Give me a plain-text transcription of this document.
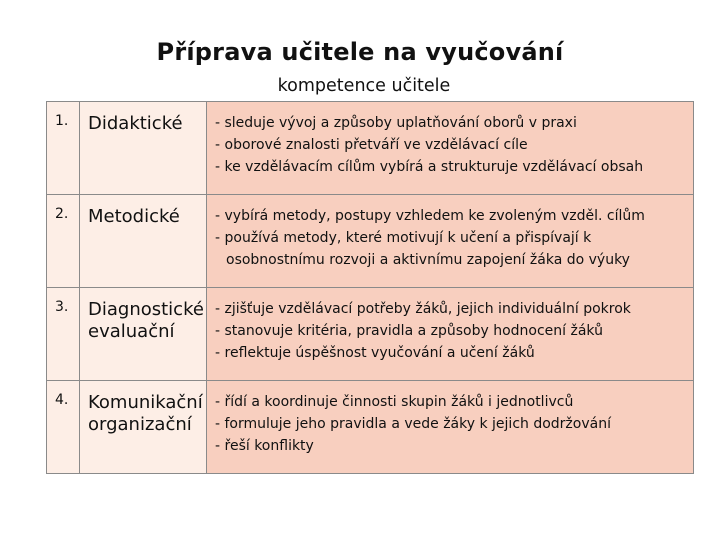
Příprava učitele na vyučování
kompetence učitele
1.	Didaktické	- sleduje vývoj a způsoby uplatňování oborů v praxi
- oborové znalosti přetváří ve vzdělávací cíle
- ke vzdělávacím cílům vybírá a strukturuje vzdělávací obsah

2.	Metodické	- vybírá metody, postupy vzhledem ke zvoleným vzděl. cílům
- používá metody, které motivují k učení a přispívají k
osobnostnímu rozvoji a aktivnímu zapojení žáka do výuky

3.	Diagnostické
evaluační	- zjišťuje vzdělávací potřeby žáků, jejich individuální pokrok
- stanovuje kritéria, pravidla a způsoby hodnocení žáků
- reflektuje úspěšnost vyučování a učení žáků

4.	Komunikační
organizační	- řídí a koordinuje činnosti skupin žáků i jednotlivců
- formuluje jeho pravidla a vede žáky k jejich dodržování
- řeší konflikty
